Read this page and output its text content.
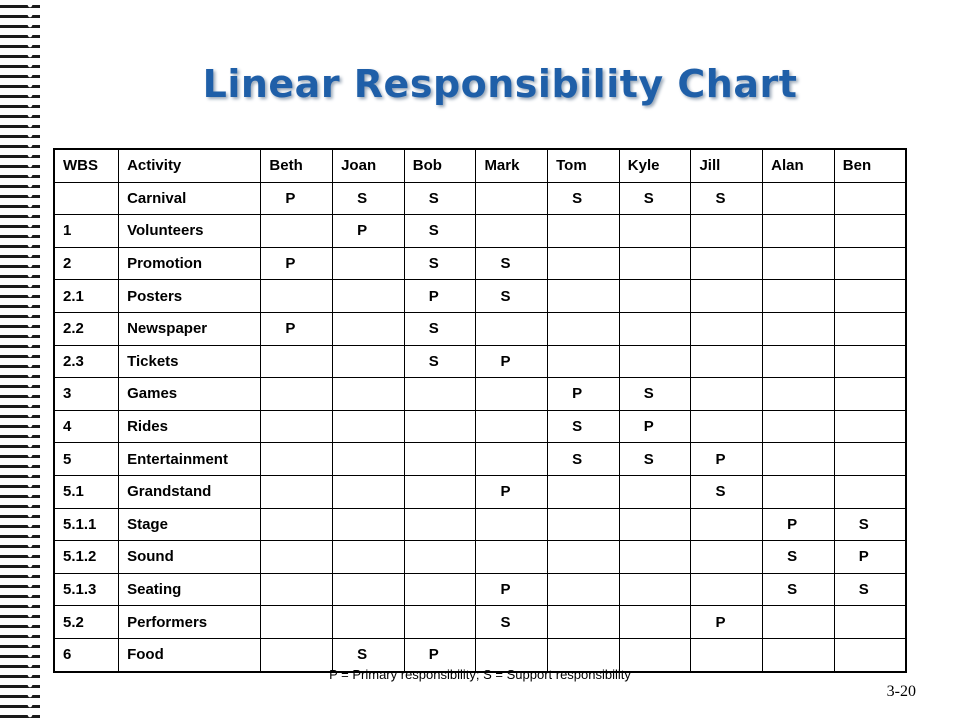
Linear Responsibility Chart
WBS	Activity	Beth	Joan	Bob	Mark	Tom	Kyle	Jill	Alan	Ben
	Carnival	P	S	S		S	S	S		
1	Volunteers		P	S						
2	Promotion	P		S	S					
2.1	Posters			P	S					
2.2	Newspaper	P		S						
2.3	Tickets			S	P					
3	Games					P	S			
4	Rides					S	P			
5	Entertainment					S	S	P		
5.1	Grandstand				P			S		
5.1.1	Stage								P	S
5.1.2	Sound								S	P
5.1.3	Seating				P				S	S
5.2	Performers				S			P		
6	Food		S	P						
P = Primary responsibility; S = Support responsibility
3-20
